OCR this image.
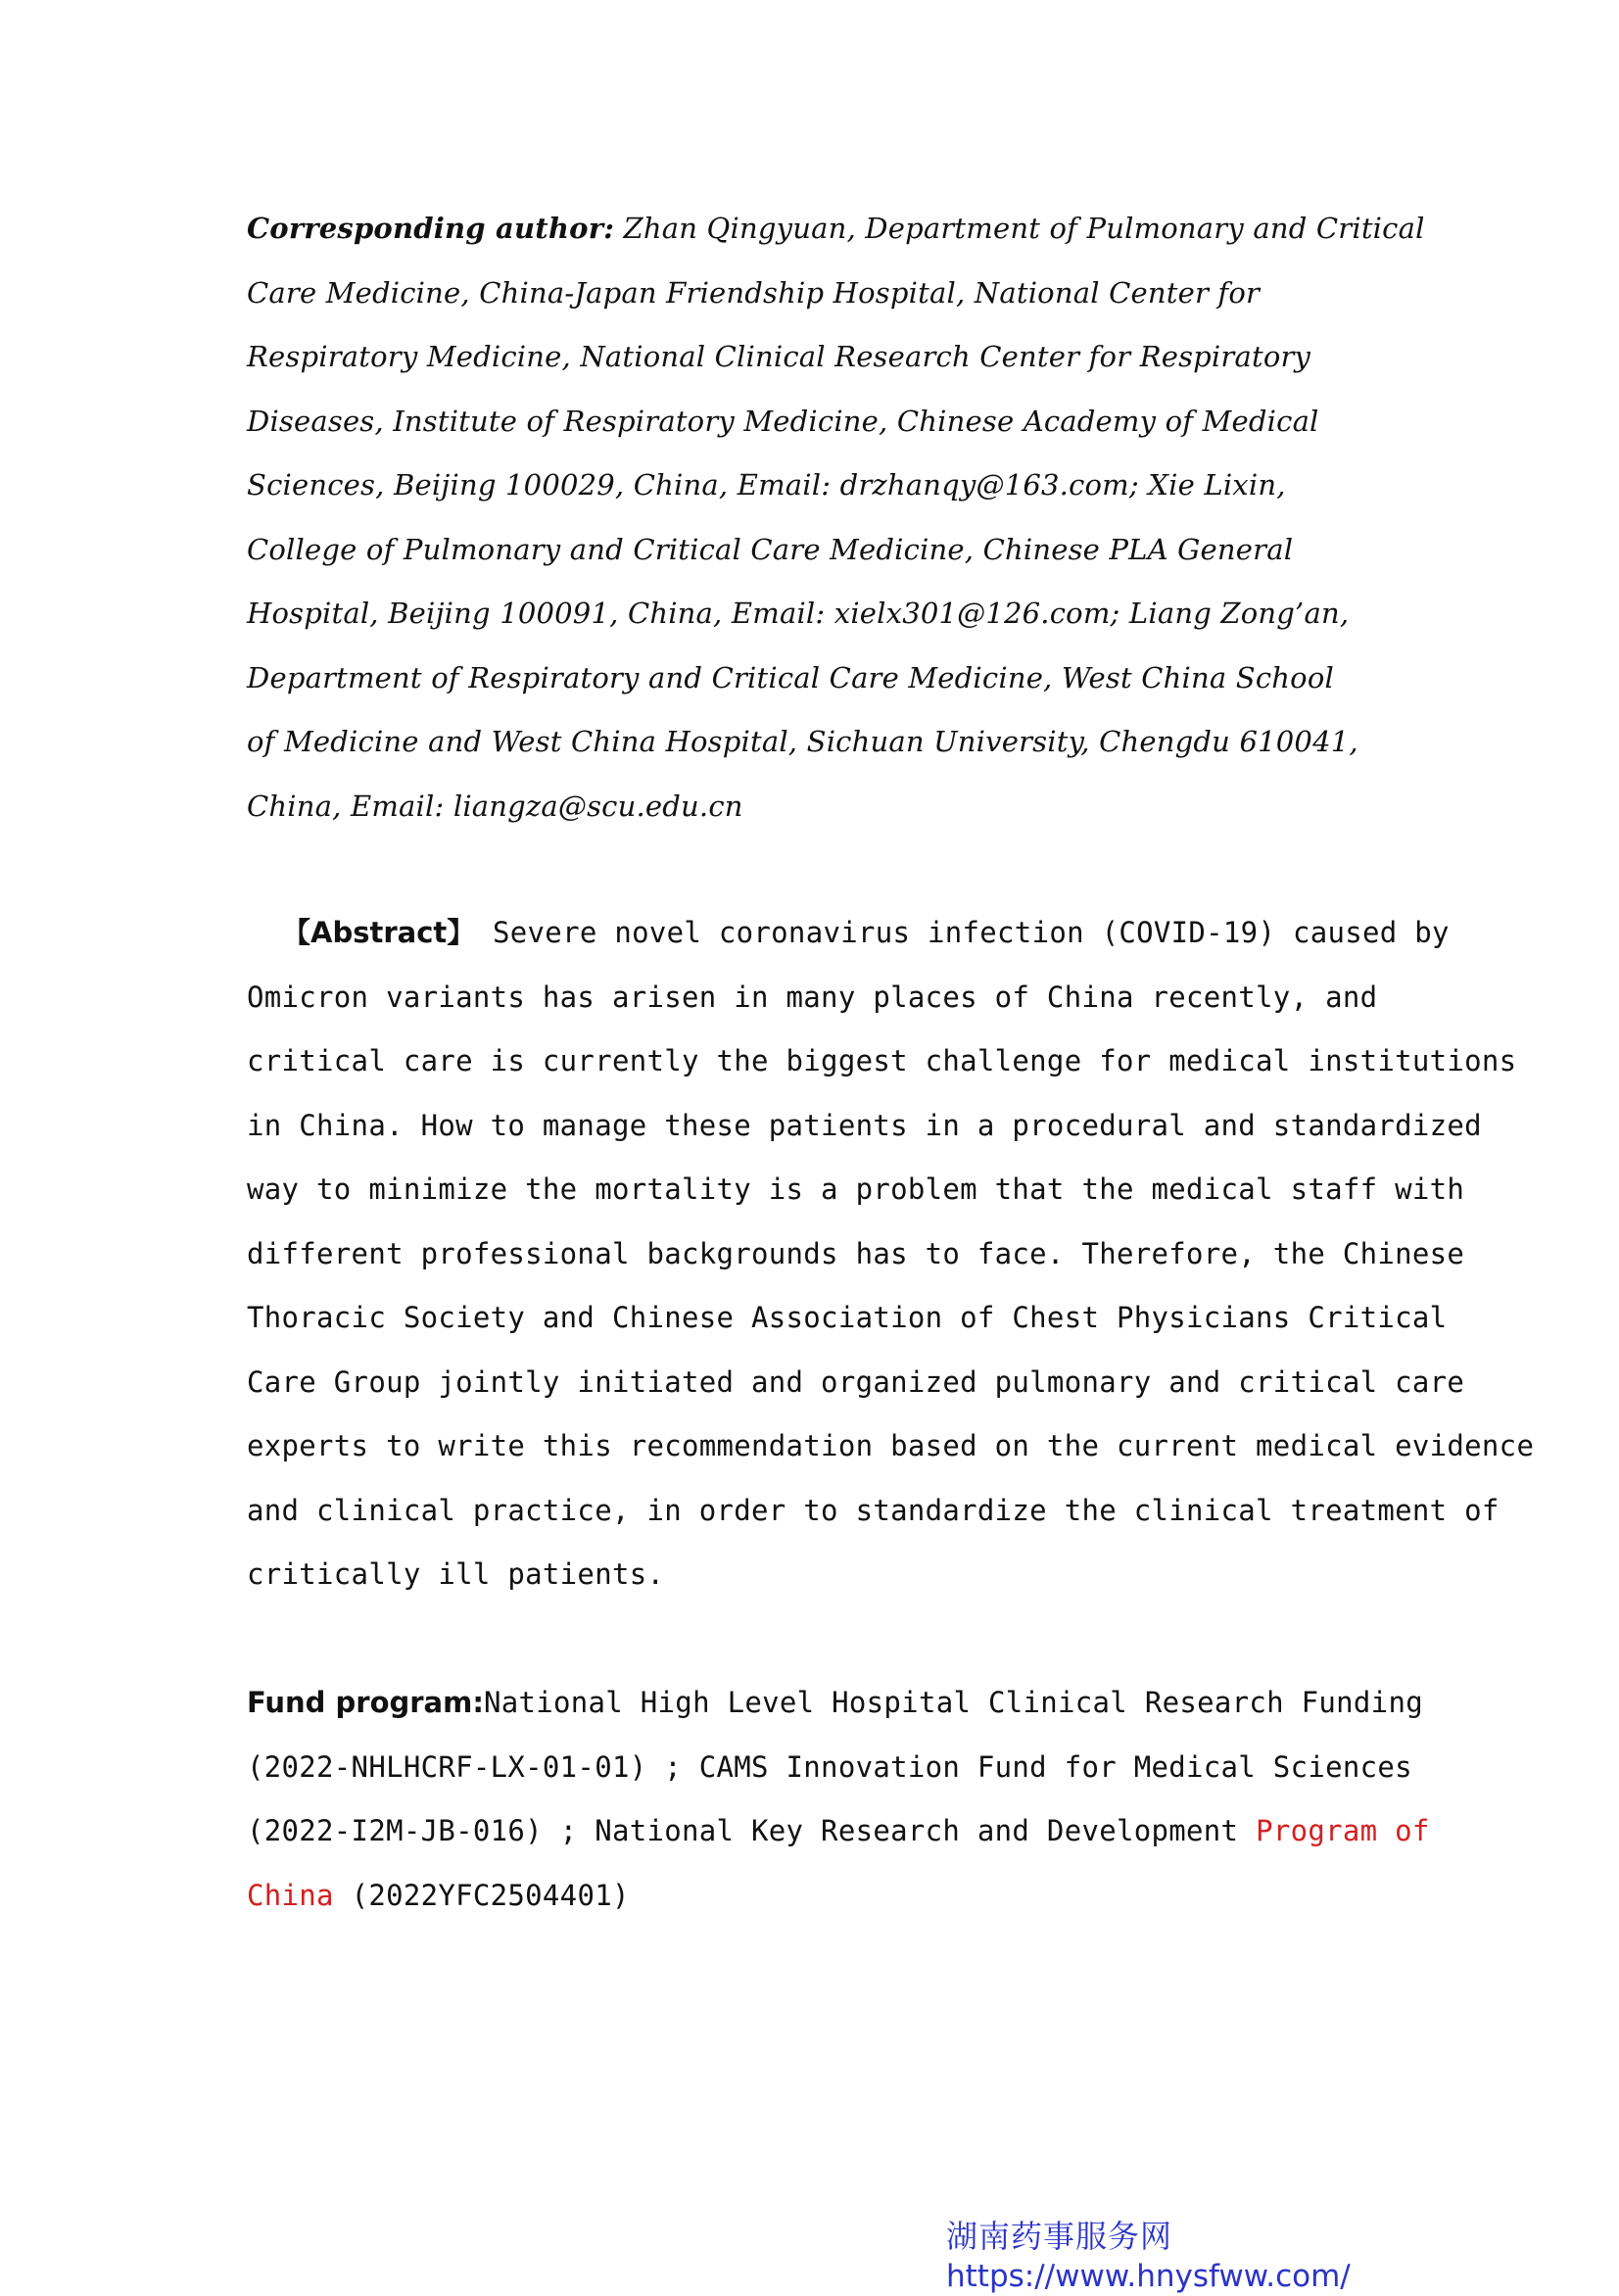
Corresponding author: Zhan Qingyuan, Department of Pulmonary and Critical
Care Medicine, China-Japan Friendship Hospital, National Center for
Respiratory Medicine, National Clinical Research Center for Respiratory
Diseases, Institute of Respiratory Medicine, Chinese Academy of Medical
Sciences, Beijing 100029, China, Email: drzhanqy@163.com; Xie Lixin,
College of Pulmonary and Critical Care Medicine, Chinese PLA General
Hospital, Beijing 100091, China, Email: xielx301@126.com; Liang Zong’an,
Department of Respiratory and Critical Care Medicine, West China School
of Medicine and West China Hospital, Sichuan University, Chengdu 610041,
China, Email: liangza@scu.edu.cn
【Abstract】 Severe novel coronavirus infection (COVID-19) caused by
Omicron variants has arisen in many places of China recently, and
critical care is currently the biggest challenge for medical institutions
in China. How to manage these patients in a procedural and standardized
way to minimize the mortality is a problem that the medical staff with
different professional backgrounds has to face. Therefore, the Chinese
Thoracic Society and Chinese Association of Chest Physicians Critical
Care Group jointly initiated and organized pulmonary and critical care
experts to write this recommendation based on the current medical evidence
and clinical practice, in order to standardize the clinical treatment of
critically ill patients.
Fund program:National High Level Hospital Clinical Research Funding
(2022-NHLHCRF-LX-01-01) ; CAMS Innovation Fund for Medical Sciences
(2022-I2M-JB-016) ; National Key Research and Development Program of
China (2022YFC2504401)
湖南药事服务网
https://www.hnysfww.com/
